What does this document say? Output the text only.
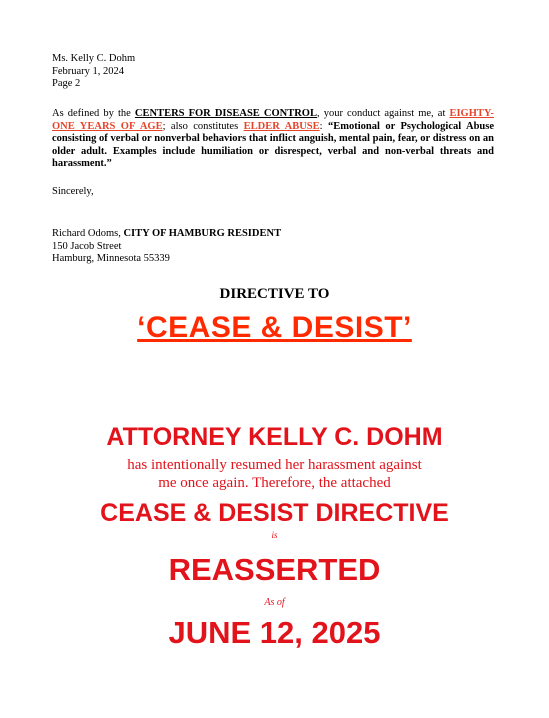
Ms. Kelly C. Dohm
February 1, 2024
Page 2
As defined by the CENTERS FOR DISEASE CONTROL, your conduct against me, at EIGHTY-ONE YEARS OF AGE; also constitutes ELDER ABUSE: “Emotional or Psychological Abuse consisting of verbal or nonverbal behaviors that inflict anguish, mental pain, fear, or distress on an older adult. Examples include humiliation or disrespect, verbal and non-verbal threats and harassment.”
Sincerely,
Richard Odoms, CITY OF HAMBURG RESIDENT
150 Jacob Street
Hamburg, Minnesota 55339
DIRECTIVE TO
‘CEASE & DESIST’
ATTORNEY KELLY C. DOHM
has intentionally resumed her harassment against
me once again. Therefore, the attached
CEASE & DESIST DIRECTIVE
is
REASSERTED
As of
JUNE 12, 2025
